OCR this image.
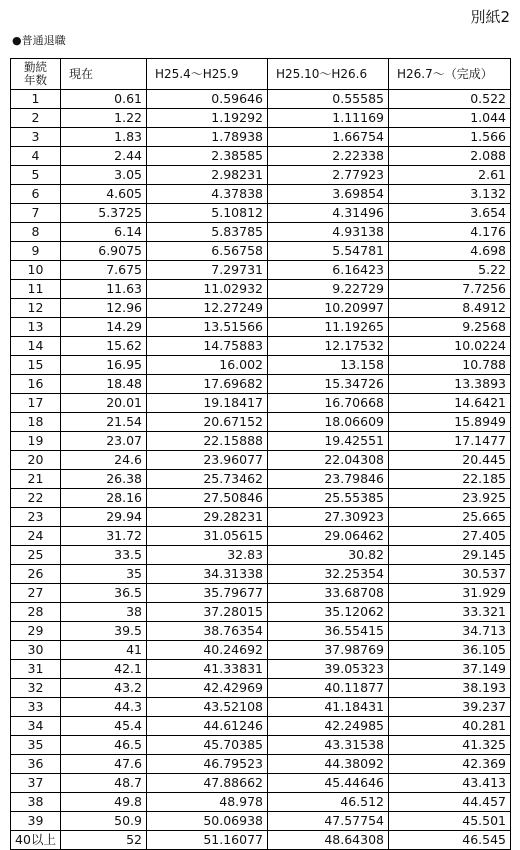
別紙2
●普通退職
勤続
年数	現在	H25.4～H25.9	H25.10～H26.6	H26.7～（完成）
1	0.61	0.59646	0.55585	0.522
2	1.22	1.19292	1.11169	1.044
3	1.83	1.78938	1.66754	1.566
4	2.44	2.38585	2.22338	2.088
5	3.05	2.98231	2.77923	2.61
6	4.605	4.37838	3.69854	3.132
7	5.3725	5.10812	4.31496	3.654
8	6.14	5.83785	4.93138	4.176
9	6.9075	6.56758	5.54781	4.698
10	7.675	7.29731	6.16423	5.22
11	11.63	11.02932	9.22729	7.7256
12	12.96	12.27249	10.20997	8.4912
13	14.29	13.51566	11.19265	9.2568
14	15.62	14.75883	12.17532	10.0224
15	16.95	16.002	13.158	10.788
16	18.48	17.69682	15.34726	13.3893
17	20.01	19.18417	16.70668	14.6421
18	21.54	20.67152	18.06609	15.8949
19	23.07	22.15888	19.42551	17.1477
20	24.6	23.96077	22.04308	20.445
21	26.38	25.73462	23.79846	22.185
22	28.16	27.50846	25.55385	23.925
23	29.94	29.28231	27.30923	25.665
24	31.72	31.05615	29.06462	27.405
25	33.5	32.83	30.82	29.145
26	35	34.31338	32.25354	30.537
27	36.5	35.79677	33.68708	31.929
28	38	37.28015	35.12062	33.321
29	39.5	38.76354	36.55415	34.713
30	41	40.24692	37.98769	36.105
31	42.1	41.33831	39.05323	37.149
32	43.2	42.42969	40.11877	38.193
33	44.3	43.52108	41.18431	39.237
34	45.4	44.61246	42.24985	40.281
35	46.5	45.70385	43.31538	41.325
36	47.6	46.79523	44.38092	42.369
37	48.7	47.88662	45.44646	43.413
38	49.8	48.978	46.512	44.457
39	50.9	50.06938	47.57754	45.501
40以上	52	51.16077	48.64308	46.545
